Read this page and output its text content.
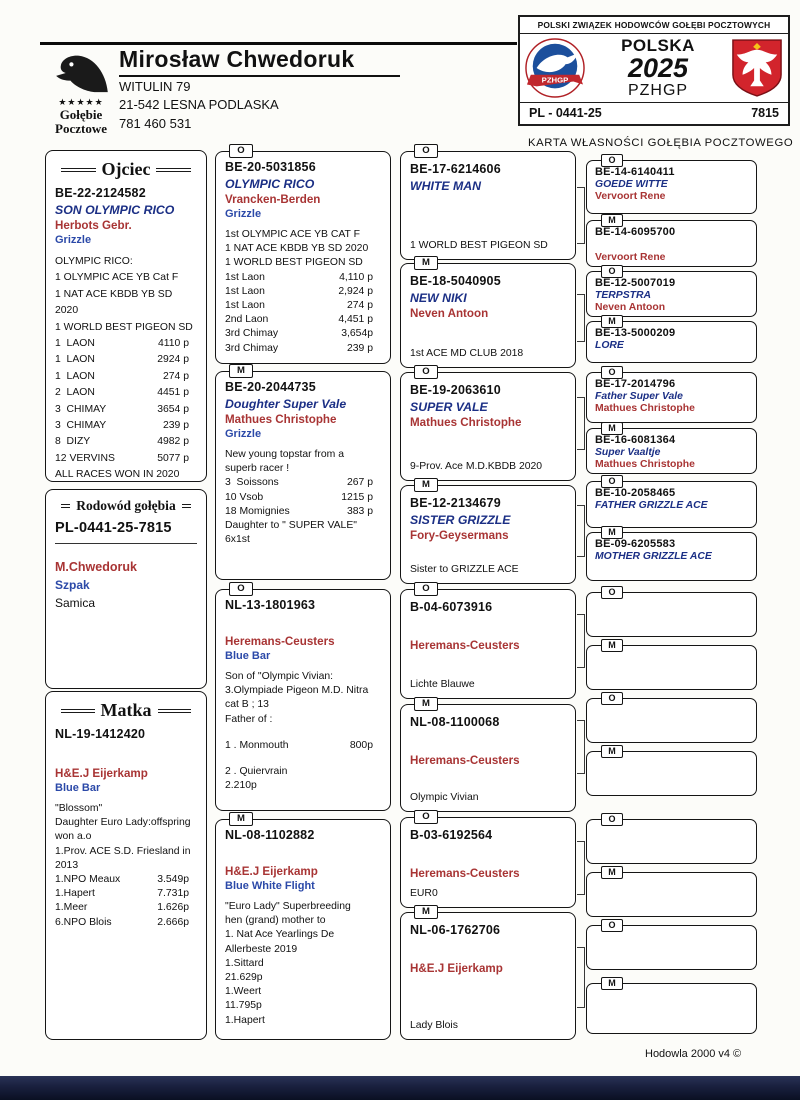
★★★★★
Gołębie
Pocztowe
Mirosław Chwedoruk
WITULIN 79
21-542 LESNA PODLASKA
781 460 531
POLSKI ZWIĄZEK HODOWCÓW GOŁĘBI POCZTOWYCH
PZHGP
POLSKA
2025
PZHGP
PL - 0441-25	7815
KARTA WŁASNOŚCI GOŁĘBIA POCZTOWEGO
Ojciec
BE-22-2124582
SON OLYMPIC RICO
Herbots Gebr.
Grizzle
OLYMPIC RICO:
1 OLYMPIC ACE YB Cat F
1 NAT ACE KBDB YB SD 2020
1 WORLD BEST PIGEON SD
1  LAON	4110 p
1  LAON	2924 p
1  LAON	274 p
2  LAON	4451 p
3  CHIMAY	3654 p
3  CHIMAY	239 p
8  DIZY	4982 p
12 VERVINS	5077 p
ALL RACES WON IN 2020
Rodowód gołębia
PL-0441-25-7815
M.Chwedoruk
Szpak
Samica
Matka
NL-19-1412420
H&E.J Eijerkamp
Blue Bar
"Blossom"
Daughter Euro Lady:offspring
won a.o
1.Prov. ACE S.D. Friesland in
2013
1.NPO Meaux	3.549p
1.Hapert	7.731p
1.Meer	1.626p
6.NPO Blois	2.666p
O
BE-20-5031856
OLYMPIC RICO
Vrancken-Berden
Grizzle
1st OLYMPIC ACE YB CAT F
1 NAT ACE KBDB YB SD 2020
1 WORLD BEST PIGEON SD
1st Laon	4,110 p
1st Laon	2,924 p
1st Laon	274 p
2nd Laon	4,451 p
3rd Chimay	3,654p
3rd Chimay	239 p
M
BE-20-2044735
Doughter Super Vale
Mathues Christophe
Grizzle
New young topstar from a
superb racer !
3  Soissons	267 p
10 Vsob	1215 p
18 Momignies	383 p
Daughter to " SUPER VALE"
6x1st
O
NL-13-1801963
Heremans-Ceusters
Blue Bar
Son of "Olympic Vivian:
3.Olympiade Pigeon M.D. Nitra
cat B ; 13
Father of :
1 . Monmouth	800p
2 . Quiervrain
2.210p
M
NL-08-1102882
H&E.J Eijerkamp
Blue White Flight
"Euro Lady" Superbreeding
hen (grand) mother to
1. Nat Ace Yearlings De
Allerbeste 2019
1.Sittard
21.629p
1.Weert
11.795p
1.Hapert
O
BE-17-6214606
WHITE MAN
1 WORLD BEST PIGEON SD
M
BE-18-5040905
NEW NIKI
Neven Antoon
1st ACE MD CLUB 2018
O
BE-19-2063610
SUPER VALE
Mathues Christophe
9-Prov. Ace M.D.KBDB 2020
M
BE-12-2134679
SISTER GRIZZLE
Fory-Geysermans
Sister to GRIZZLE ACE
O
B-04-6073916
Heremans-Ceusters
Lichte Blauwe
M
NL-08-1100068
Heremans-Ceusters
Olympic Vivian
O
B-03-6192564
Heremans-Ceusters
EUR0
M
NL-06-1762706
H&E.J Eijerkamp
Lady Blois
O
BE-14-6140411
GOEDE WITTE
Vervoort Rene
M
BE-14-6095700
Vervoort Rene
O
BE-12-5007019
TERPSTRA
Neven Antoon
M
BE-13-5000209
LORE
O
BE-17-2014796
Father Super Vale
Mathues Christophe
M
BE-16-6081364
Super Vaaltje
Mathues Christophe
O
BE-10-2058465
FATHER GRIZZLE ACE
M
BE-09-6205583
MOTHER GRIZZLE ACE
O
M
O
M
O
M
O
M
Hodowla 2000 v4 ©
